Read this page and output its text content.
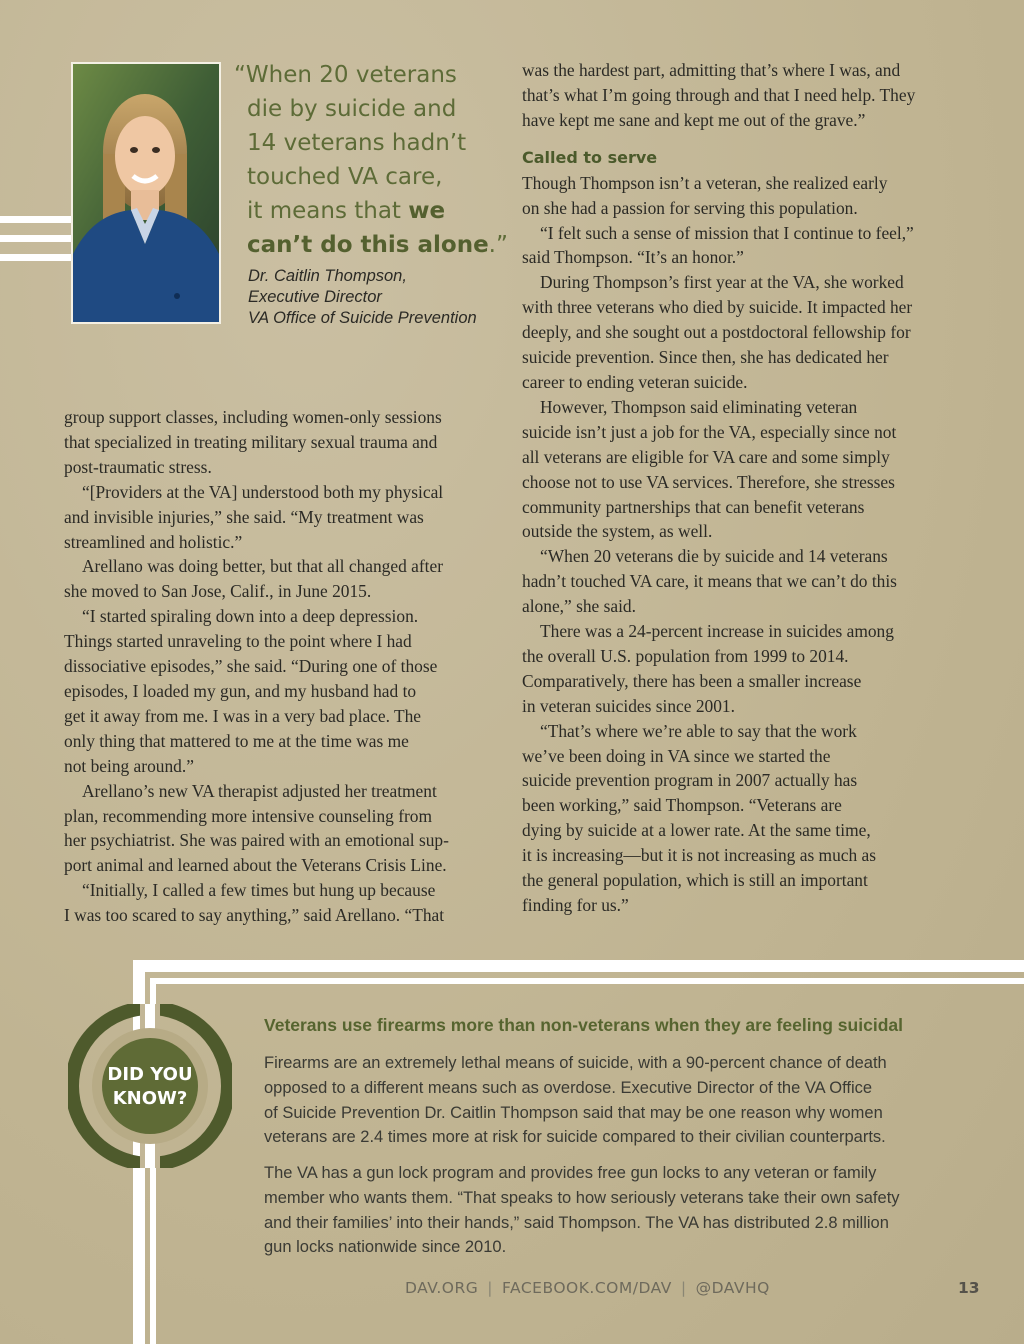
“When 20 veterans
die by suicide and
14 veterans hadn’t
touched VA care,
it means that we
can’t do this alone.”
Dr. Caitlin Thompson,
Executive Director
VA Office of Suicide Prevention

group support classes, including women-only sessions

that specialized in treating military sexual trauma and

post-traumatic stress.

“[Providers at the VA] understood both my physical

and invisible injuries,” she said. “My treatment was

streamlined and holistic.”

Arellano was doing better, but that all changed after

she moved to San Jose, Calif., in June 2015.

“I started spiraling down into a deep depression.

Things started unraveling to the point where I had

dissociative episodes,” she said. “During one of those

episodes, I loaded my gun, and my husband had to

get it away from me. I was in a very bad place. The

only thing that mattered to me at the time was me

not being around.”

Arellano’s new VA therapist adjusted her treatment

plan, recommending more intensive counseling from

her psychiatrist. She was paired with an emotional sup-

port animal and learned about the Veterans Crisis Line.

“Initially, I called a few times but hung up because

I was too scared to say anything,” said Arellano. “That

was the hardest part, admitting that’s where I was, and

that’s what I’m going through and that I need help. They

have kept me sane and kept me out of the grave.”

Called to serve

Though Thompson isn’t a veteran, she realized early

on she had a passion for serving this population.

“I felt such a sense of mission that I continue to feel,”

said Thompson. “It’s an honor.”

During Thompson’s first year at the VA, she worked

with three veterans who died by suicide. It impacted her

deeply, and she sought out a postdoctoral fellowship for

suicide prevention. Since then, she has dedicated her

career to ending veteran suicide.

However, Thompson said eliminating veteran

suicide isn’t just a job for the VA, especially since not

all veterans are eligible for VA care and some simply

choose not to use VA services. Therefore, she stresses

community partnerships that can benefit veterans

outside the system, as well.

“When 20 veterans die by suicide and 14 veterans

hadn’t touched VA care, it means that we can’t do this

alone,” she said.

There was a 24-percent increase in suicides among

the overall U.S. population from 1999 to 2014.

Comparatively, there has been a smaller increase

in veteran suicides since 2001.

“That’s where we’re able to say that the work

we’ve been doing in VA since we started the

suicide prevention program in 2007 actually has

been working,” said Thompson. “Veterans are

dying by suicide at a lower rate. At the same time,

it is increasing—but it is not increasing as much as

the general population, which is still an important

finding for us.”

DID YOU
KNOW?
Veterans use firearms more than non-veterans when they are feeling suicidal
Firearms are an extremely lethal means of suicide, with a 90-percent chance of death
opposed to a different means such as overdose. Executive Director of the VA Office
of Suicide Prevention Dr. Caitlin Thompson said that may be one reason why women
veterans are 2.4 times more at risk for suicide compared to their civilian counterparts.
The VA has a gun lock program and provides free gun locks to any veteran or family
member who wants them. “That speaks to how seriously veterans take their own safety
and their families’ into their hands,” said Thompson. The VA has distributed 2.8 million
gun locks nationwide since 2010.
DAV.ORG | FACEBOOK.COM/DAV | @DAVHQ	13
